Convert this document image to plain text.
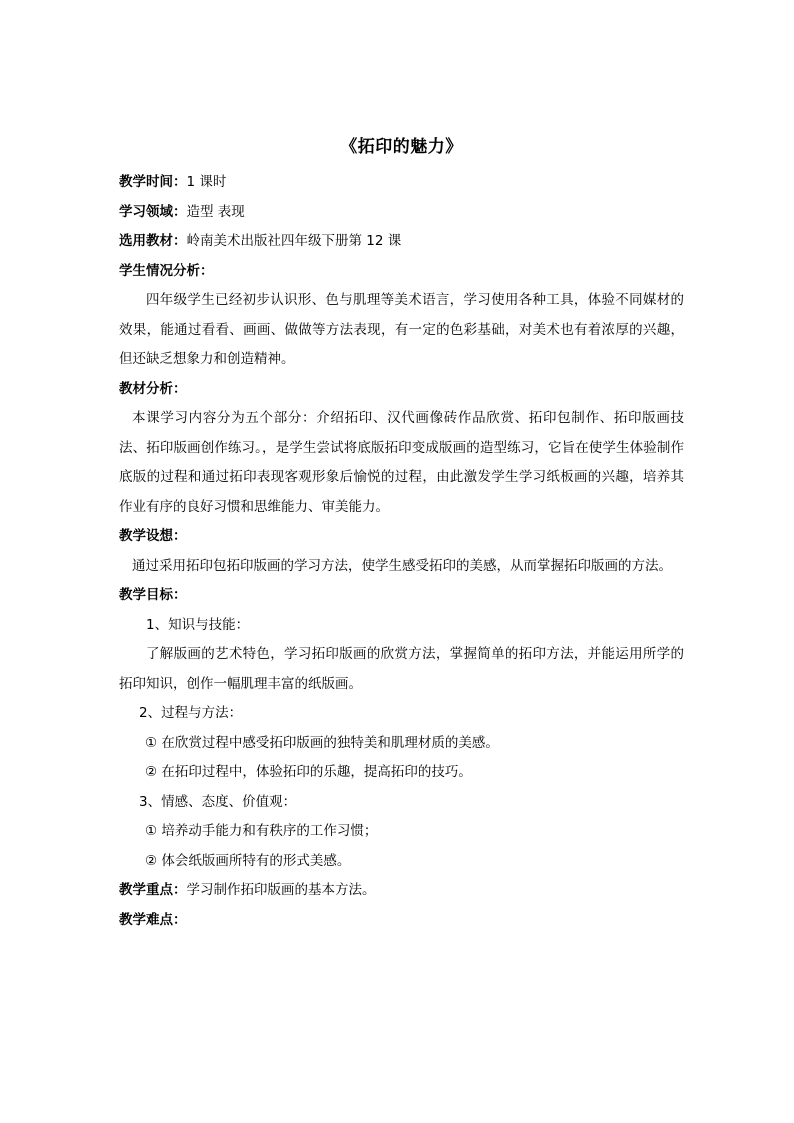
《拓印的魅力》

教学时间：1 课时

学习领域：造型 表现

选用教材：岭南美术出版社四年级下册第 12 课

学生情况分析：

四年级学生已经初步认识形、色与肌理等美术语言，学习使用各种工具，体验不同媒材的效果，能通过看看、画画、做做等方法表现，有一定的色彩基础，对美术也有着浓厚的兴趣，但还缺乏想象力和创造精神。

教材分析：

本课学习内容分为五个部分：介绍拓印、汉代画像砖作品欣赏、拓印包制作、拓印版画技法、拓印版画创作练习。，是学生尝试将底版拓印变成版画的造型练习，它旨在使学生体验制作底版的过程和通过拓印表现客观形象后愉悦的过程，由此激发学生学习纸板画的兴趣，培养其作业有序的良好习惯和思维能力、审美能力。

教学设想：

通过采用拓印包拓印版画的学习方法，使学生感受拓印的美感，从而掌握拓印版画的方法。

教学目标：

1、知识与技能：

了解版画的艺术特色，学习拓印版画的欣赏方法，掌握简单的拓印方法，并能运用所学的拓印知识，创作一幅肌理丰富的纸版画。

2、过程与方法：

① 在欣赏过程中感受拓印版画的独特美和肌理材质的美感。

② 在拓印过程中，体验拓印的乐趣，提高拓印的技巧。

3、情感、态度、价值观：

① 培养动手能力和有秩序的工作习惯；

② 体会纸版画所特有的形式美感。

教学重点：学习制作拓印版画的基本方法。

教学难点：
